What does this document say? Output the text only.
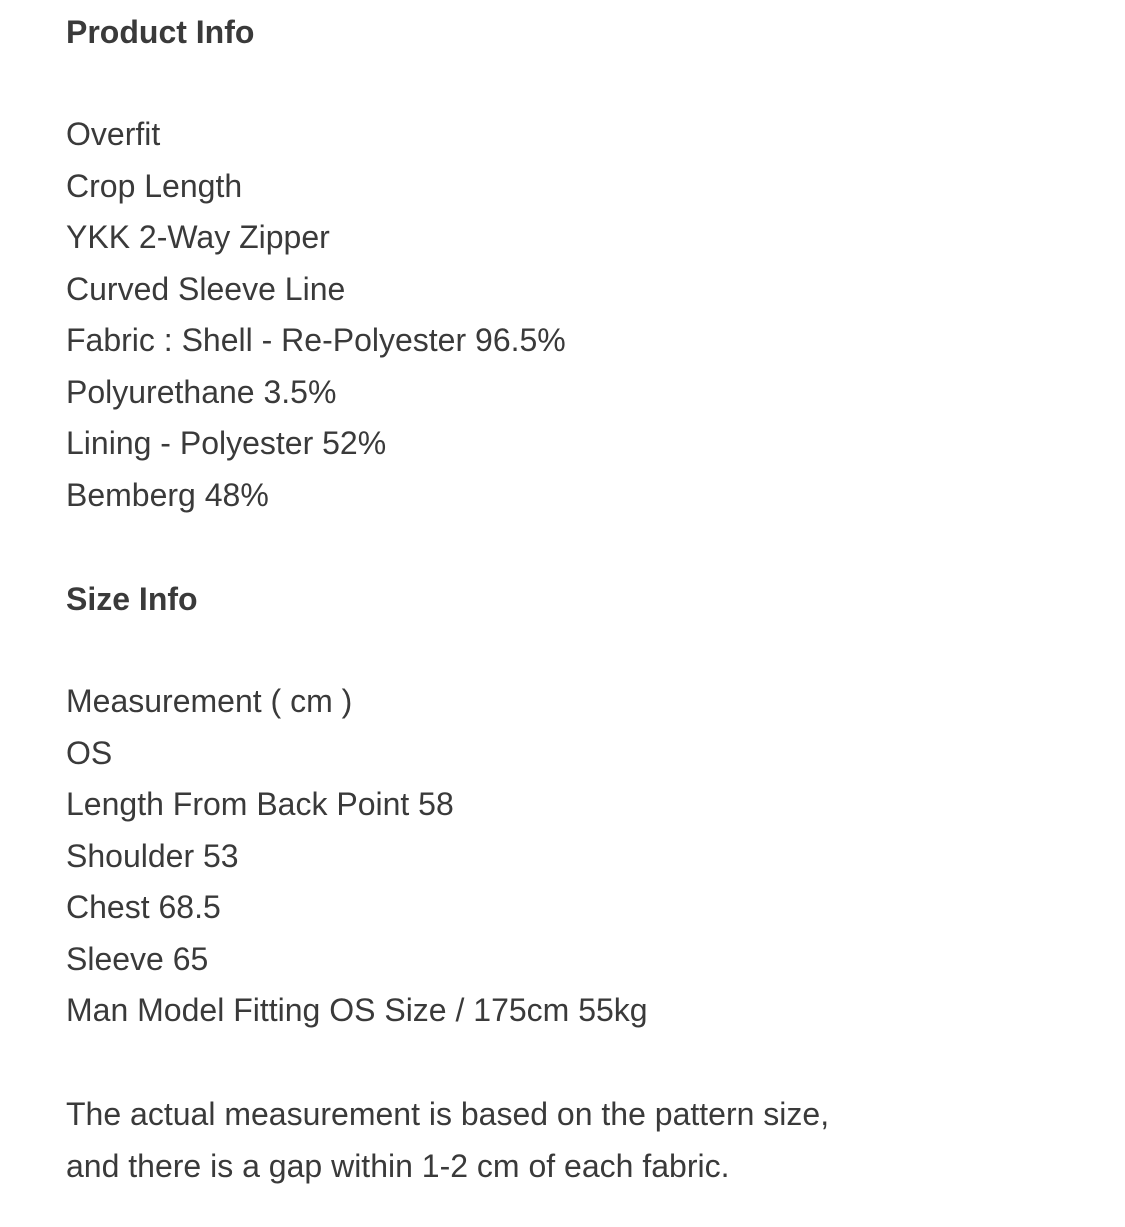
Product Info
Overfit
Crop Length
YKK 2-Way Zipper
Curved Sleeve Line
Fabric : Shell - Re-Polyester 96.5%
Polyurethane 3.5%
Lining - Polyester 52%
Bemberg 48%
Size Info
Measurement ( cm )
OS
Length From Back Point 58
Shoulder 53
Chest 68.5
Sleeve 65
Man Model Fitting OS Size / 175cm 55kg

The actual measurement is based on the pattern size,
and there is a gap within 1-2 cm of each fabric.
